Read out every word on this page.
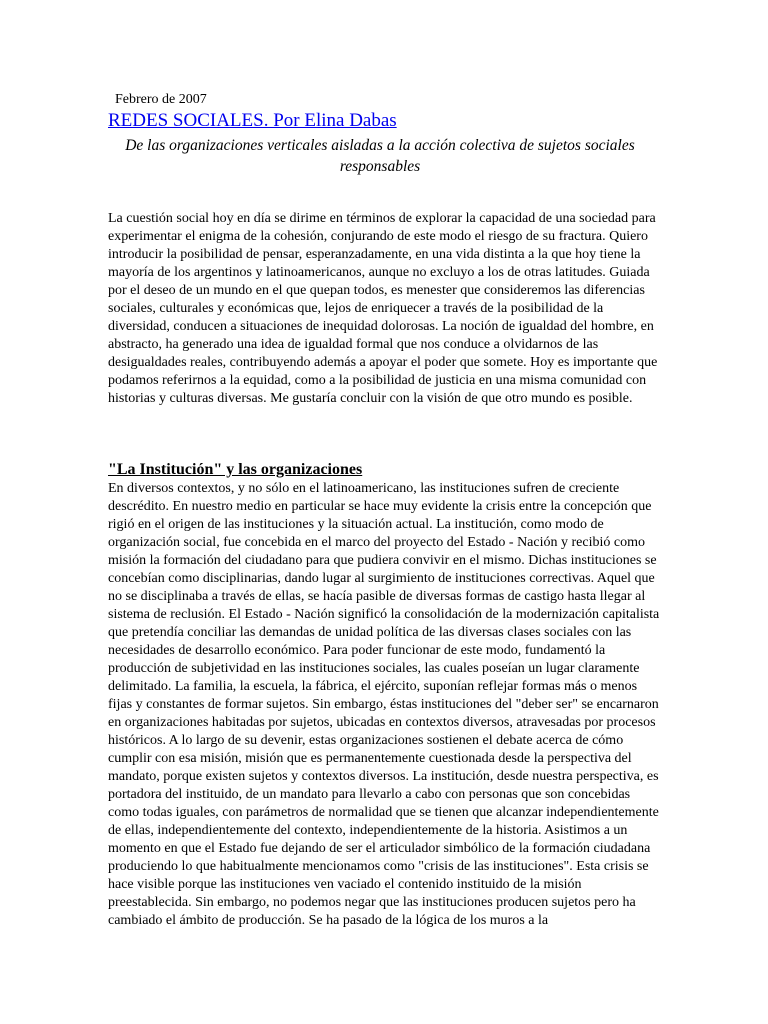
Febrero de 2007
REDES SOCIALES. Por Elina Dabas
De las organizaciones verticales aisladas a la acción colectiva de sujetos sociales responsables

La cuestión social hoy en día se dirime en términos de explorar la capacidad de una sociedad para experimentar el enigma de la cohesión, conjurando de este modo el riesgo de su fractura. Quiero introducir la posibilidad de pensar, esperanzadamente, en una vida distinta a la que hoy tiene la mayoría de los argentinos y latinoamericanos, aunque no excluyo a los de otras latitudes. Guiada por el deseo de un mundo en el que quepan todos, es menester que consideremos las diferencias sociales, culturales y económicas que, lejos de enriquecer a través de la posibilidad de la diversidad, conducen a situaciones de inequidad dolorosas. La noción de igualdad del hombre, en abstracto, ha generado una idea de igualdad formal que nos conduce a olvidarnos de las desigualdades reales, contribuyendo además a apoyar el poder que somete. Hoy es importante que podamos referirnos a la equidad, como a la posibilidad de justicia en una misma comunidad con historias y culturas diversas. Me gustaría concluir con la visión de que otro mundo es posible.

"La Institución" y las organizaciones

En diversos contextos, y no sólo en el latinoamericano, las instituciones sufren de creciente descrédito. En nuestro medio en particular se hace muy evidente la crisis entre la concepción que rigió en el origen de las instituciones y la situación actual. La institución, como modo de organización social, fue concebida en el marco del proyecto del Estado - Nación y recibió como misión la formación del ciudadano para que pudiera convivir en el mismo. Dichas instituciones se concebían como disciplinarias, dando lugar al surgimiento de instituciones correctivas. Aquel que no se disciplinaba a través de ellas, se hacía pasible de diversas formas de castigo hasta llegar al sistema de reclusión. El Estado - Nación significó la consolidación de la modernización capitalista que pretendía conciliar las demandas de unidad política de las diversas clases sociales con las necesidades de desarrollo económico. Para poder funcionar de este modo, fundamentó la producción de subjetividad en las instituciones sociales, las cuales poseían un lugar claramente delimitado. La familia, la escuela, la fábrica, el ejército, suponían reflejar formas más o menos fijas y constantes de formar sujetos. Sin embargo, éstas instituciones del "deber ser" se encarnaron en organizaciones habitadas por sujetos, ubicadas en contextos diversos, atravesadas por procesos históricos. A lo largo de su devenir, estas organizaciones sostienen el debate acerca de cómo cumplir con esa misión, misión que es permanentemente cuestionada desde la perspectiva del mandato, porque existen sujetos y contextos diversos. La institución, desde nuestra perspectiva, es portadora del instituido, de un mandato para llevarlo a cabo con personas que son concebidas como todas iguales, con parámetros de normalidad que se tienen que alcanzar independientemente de ellas, independientemente del contexto, independientemente de la historia. Asistimos a un momento en que el Estado fue dejando de ser el articulador simbólico de la formación ciudadana produciendo lo que habitualmente mencionamos como "crisis de las instituciones". Esta crisis se hace visible porque las instituciones ven vaciado el contenido instituido de la misión preestablecida. Sin embargo, no podemos negar que las instituciones producen sujetos pero ha cambiado el ámbito de producción. Se ha pasado de la lógica de los muros a la
